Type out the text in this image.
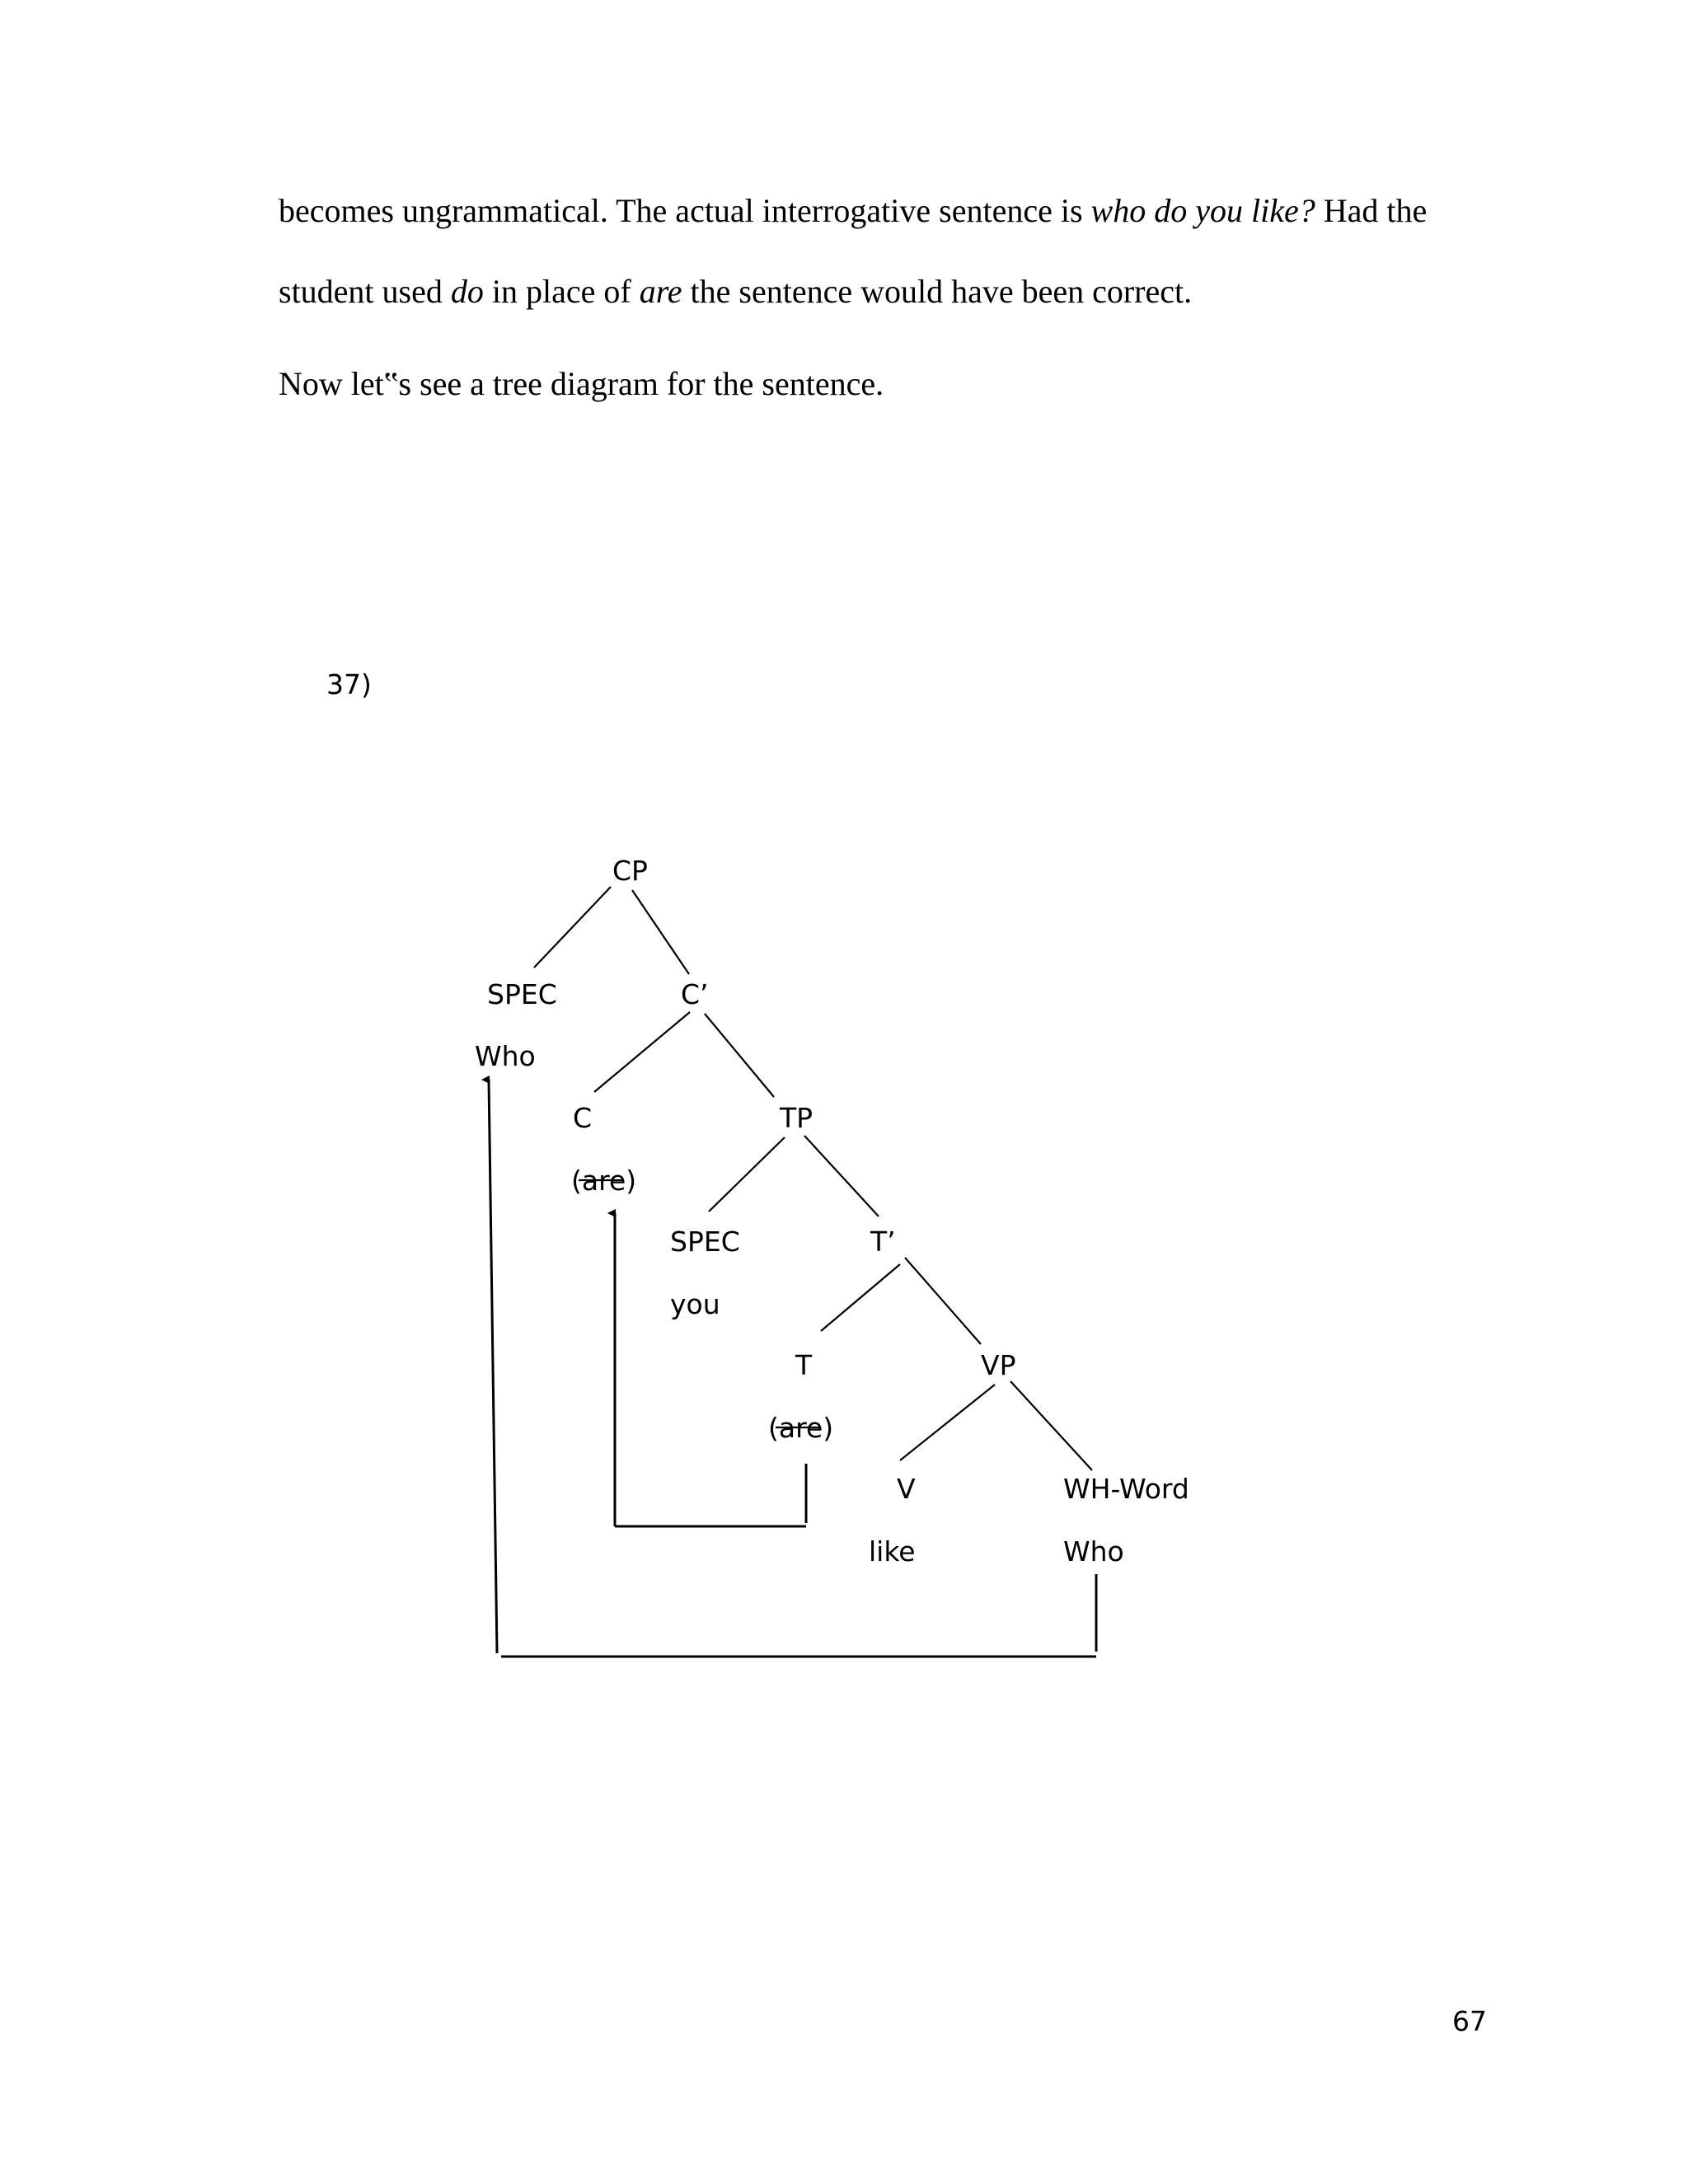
becomes ungrammatical. The actual interrogative sentence is who do you like? Had the
student used do in place of are the sentence would have been correct.
Now let‟s see a tree diagram for the sentence.
37)
CP
SPEC
Who
C’
C
(are)
TP
SPEC
you
T’
T
(are)
VP
V
like
WH-Word
Who
67
